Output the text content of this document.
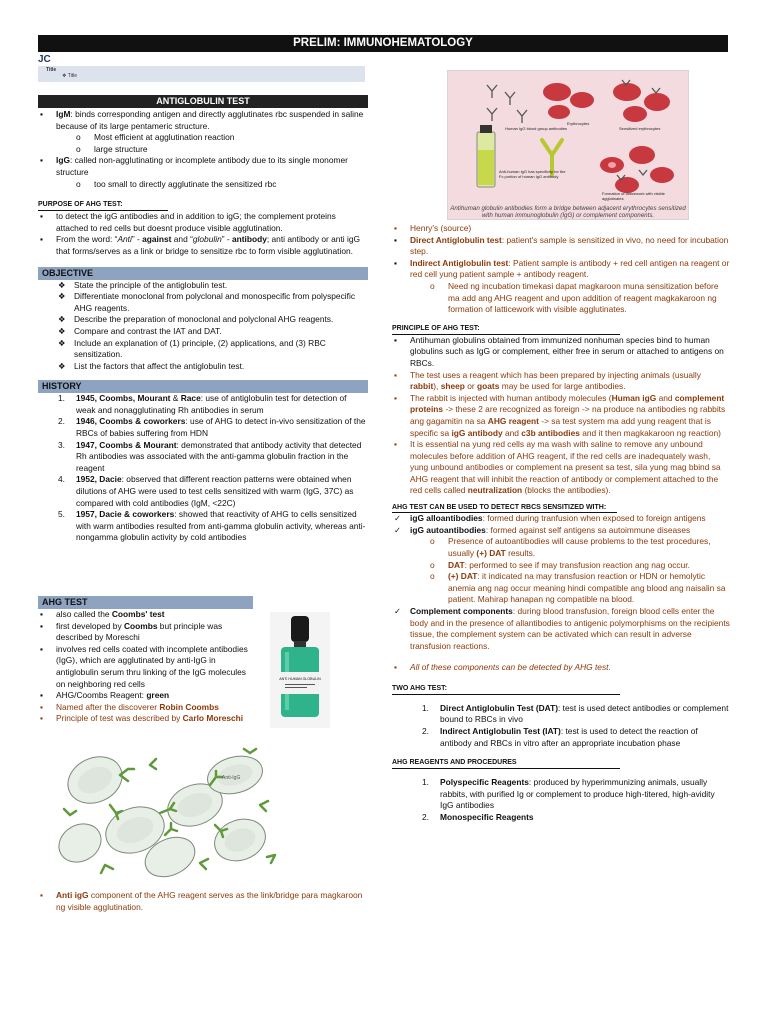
PRELIM: IMMUNOHEMATOLOGY
JC
Title
❖ Title
ANTIGLOBULIN TEST
▪ IgM: binds corresponding antigen and directly agglutinates rbc suspended in saline because of its large pentameric structure.
o Most efficient at agglutination reaction
o large structure
▪ IgG: called non-agglutinating or incomplete antibody due to its single monomer structure
o too small to directly agglutinate the sensitized rbc
PURPOSE OF AHG TEST:
▪ to detect the igG antibodies and in addition to igG; the complement proteins attached to red cells but doesnt produce visible agglutination.
▪ From the word: “Anti” - against and “globulin” - antibody; anti antibody or anti igG that forms/serves as a link or bridge to sensitize rbc to form visible agglutination.
OBJECTIVE
❖ State the principle of the antiglobulin test.
❖ Differentiate monoclonal from polyclonal and monospecific from polyspecific AHG reagents.
❖ Describe the preparation of monoclonal and polyclonal AHG reagents.
❖ Compare and contrast the IAT and DAT.
❖ Include an explanation of (1) principle, (2) applications, and (3) RBC sensitization.
❖ List the factors that affect the antiglobulin test.
HISTORY
1. 1945, Coombs, Mourant & Race: use of antiglobulin test for detection of weak and nonagglutinating Rh antibodies in serum
2. 1946, Coombs & coworkers: use of AHG to detect in-vivo sensitization of the RBCs of babies suffering from HDN
3. 1947, Coombs & Mourant: demonstrated that antibody activity that detected Rh antibodies was associated with the anti-gamma globulin fraction in the reagent
4. 1952, Dacie: observed that different reaction patterns were obtained when dilutions of AHG were used to test cells sensitized with warm (IgG, 37C) as compared with cold antibodies (IgM, <22C)
5. 1957, Dacie & coworkers: showed that reactivity of AHG to cells sensitized with warm antibodies resulted from anti-gamma globulin activity, whereas anti-nongamma globulin activity by cold antibodies
AHG TEST
▪ also called the Coombs' test
▪ first developed by Coombs but principle was described by Moreschi
▪ involves red cells coated with incomplete antibodies (IgG), which are agglutinated by anti-IgG in antiglobulin serum thru linking of the IgG molecules on neighboring red cells
▪ AHG/Coombs Reagent: green
▪ Named after the discoverer Robin Coombs
▪ Principle of test was described by Carlo Moreschi
ANTI HUMAN GLOBULIN
Anti-IgG
▪ Anti igG component of the AHG reagent serves as the link/bridge para magkaroon ng visible agglutination.
Human IgG blood group antibodies
Erythrocytes
Sensitized erythrocytes
Anti-human IgG has specificity for the Fc portion of human IgG antibody
Formation of latticework with visible agglutinates
Antihuman globulin antibodies form a bridge between adjacent erythrocytes sensitized with human immunoglobulin (IgG) or complement components.
▪ Henry's (source)
▪ Direct Antiglobulin test: patient's sample is sensitized in vivo, no need for incubation step.
▪ Indirect Antiglobulin test: Patient sample is antibody + red cell antigen na reagent or red cell yung patient sample + antibody reagent.
o Need ng incubation timekasi dapat magkaroon muna sensitization before ma add ang AHG reagent and upon addition of reagent magkakaroon ng formation of latticework with visible agglutinates.
PRINCIPLE OF AHG TEST:
▪ Antihuman globulins obtained from immunized nonhuman species bind to human globulins such as IgG or complement, either free in serum or attached to antigens on RBCs.
▪ The test uses a reagent which has been prepared by injecting animals (usually rabbit), sheep or goats may be used for large antibodies.
▪ The rabbit is injected with human antibody molecules (Human igG and complement proteins -> these 2 are recognized as foreign -> na produce na antibodies ng rabbits ang gagamitin na sa AHG reagent -> sa test system ma add yung reagent that is specific sa igG antibody and c3b antibodies and it then magkakaroon ng reaction)
▪ It is essential na yung red cells ay ma wash with saline to remove any unbound molecules before addition of AHG reagent, if the red cells are inadequately wash, yung unbound antibodies or complement na present sa test, sila yung mag bbind sa AHG reagent that will inhibit the reaction of antibody or complement attached to the red cells called neutralization (blocks the antibodies).
AHG TEST CAN BE USED TO DETECT RBCS SENSITIZED WITH:
✓ igG alloantibodies: formed during tranfusion when exposed to foreign antigens
✓ igG autoantibodies: formed against self antigens sa autoimmune diseases
o Presence of autoantibodies will cause problems to the test procedures, usually (+) DAT results.
o DAT: performed to see if may transfusion reaction ang nag occur.
o (+) DAT: it indicated na may transfusion reaction or HDN or hemolytic anemia ang nag occur meaning hindi compatible ang blood ang naisalin sa patient. Mahirap hanapan ng compatible na blood.
✓ Complement components: during blood transfusion, foreign blood cells enter the body and in the presence of allantibodies to antigenic polymorphisms on the recipients tissue, the complement system can be activated which can result in adverse transfusion reactions.
▪ All of these components can be detected by AHG test.
TWO AHG TEST:
1. Direct Antiglobulin Test (DAT): test is used detect antibodies or complement bound to RBCs in vivo
2. Indirect Antiglobulin Test (IAT): test is used to detect the reaction of antibody and RBCs in vitro after an appropriate incubation phase
AHG REAGENTS AND PROCEDURES
1. Polyspecific Reagents: produced by hyperimmunizing animals, usually rabbits, with purified Ig or complement to produce high-titered, high-avidity IgG antibodies
2. Monospecific Reagents
